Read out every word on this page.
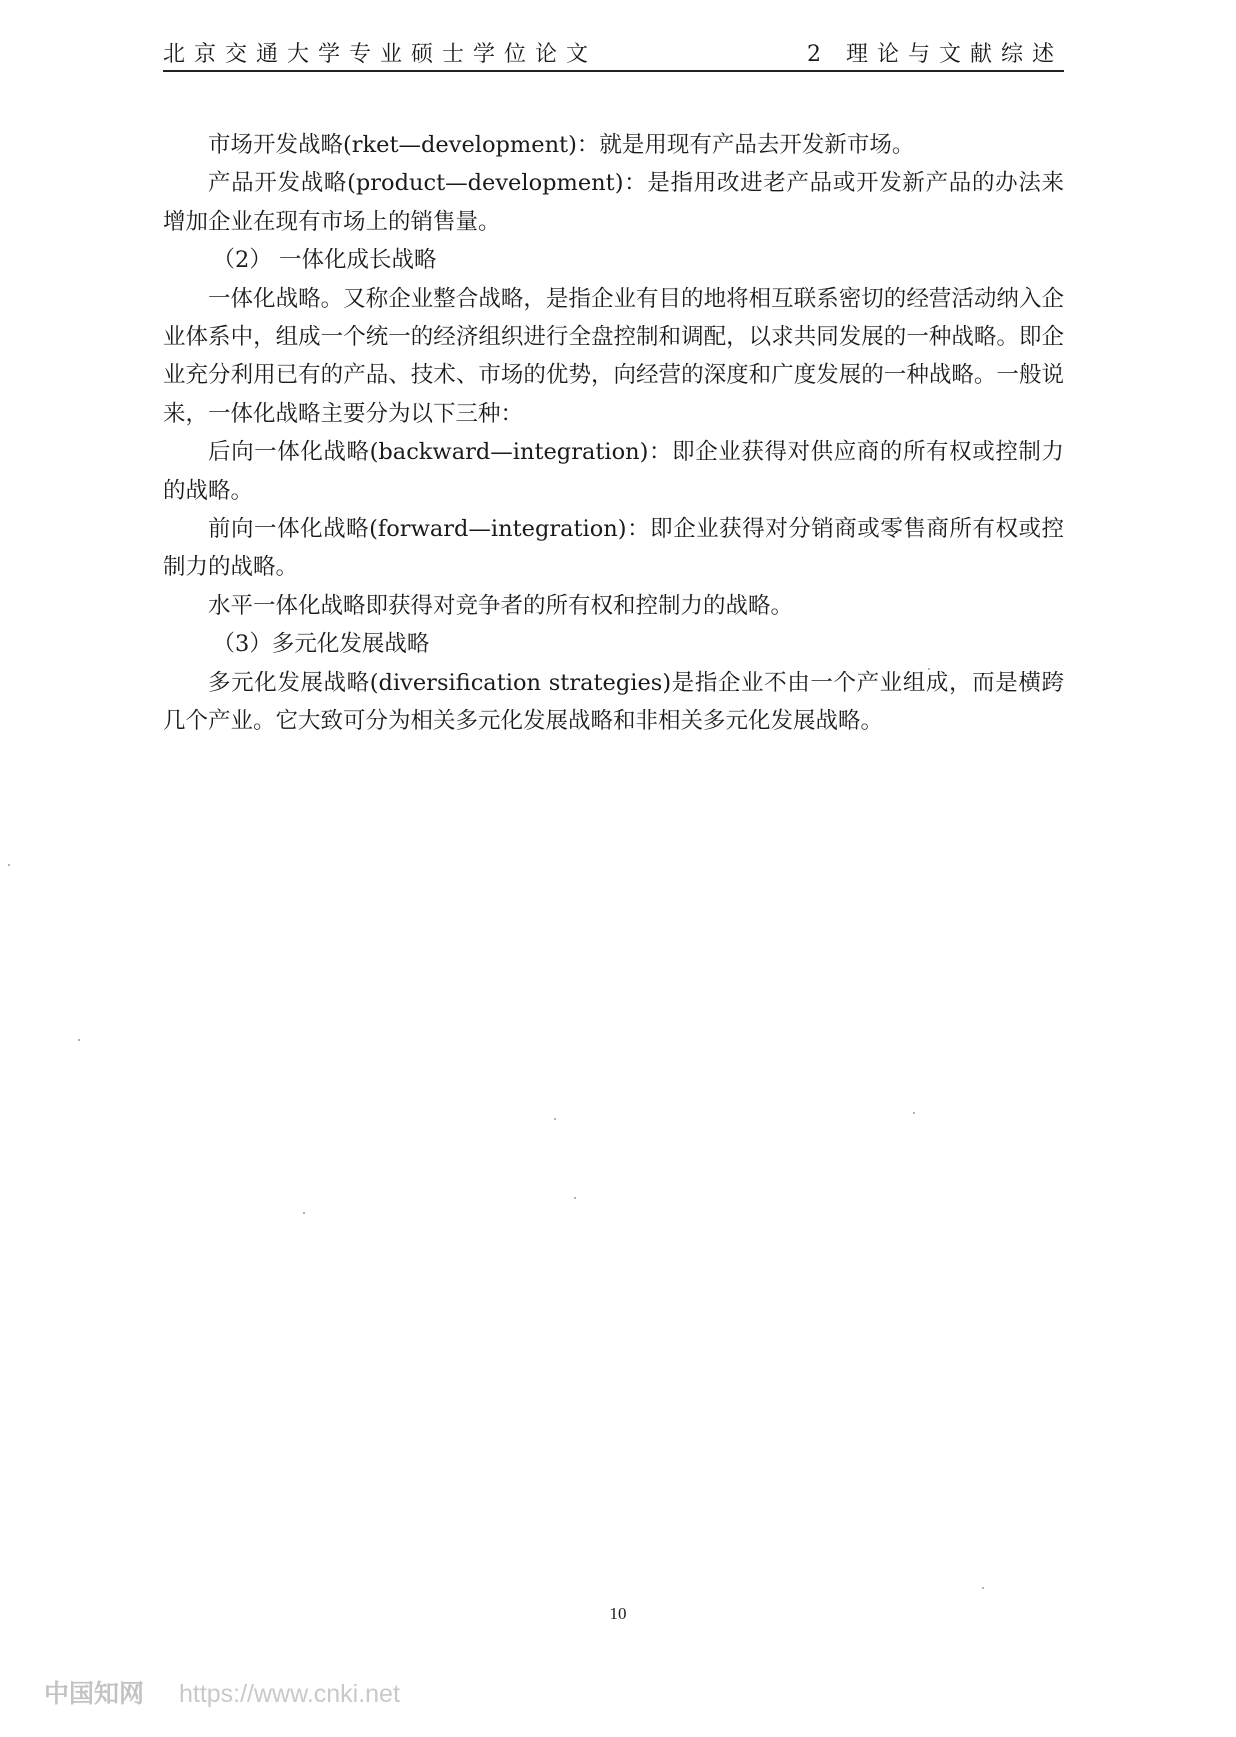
北京交通大学专业硕士学位论文	2 理论与文献综述

市场开发战略(rket—development)：就是用现有产品去开发新市场。

产品开发战略(product—development)：是指用改进老产品或开发新产品的办法来增加企业在现有市场上的销售量。

（2） 一体化成长战略

一体化战略。又称企业整合战略，是指企业有目的地将相互联系密切的经营活动纳入企业体系中，组成一个统一的经济组织进行全盘控制和调配，以求共同发展的一种战略。即企业充分利用已有的产品、技术、市场的优势，向经营的深度和广度发展的一种战略。一般说来，一体化战略主要分为以下三种：

后向一体化战略(backward—integration)：即企业获得对供应商的所有权或控制力的战略。

前向一体化战略(forward—integration)：即企业获得对分销商或零售商所有权或控制力的战略。

水平一体化战略即获得对竞争者的所有权和控制力的战略。

（3）多元化发展战略

多元化发展战略(diversification strategies)是指企业不由一个产业组成，而是横跨几个产业。它大致可分为相关多元化发展战略和非相关多元化发展战略。

10
中国知网 https://www.cnki.net
